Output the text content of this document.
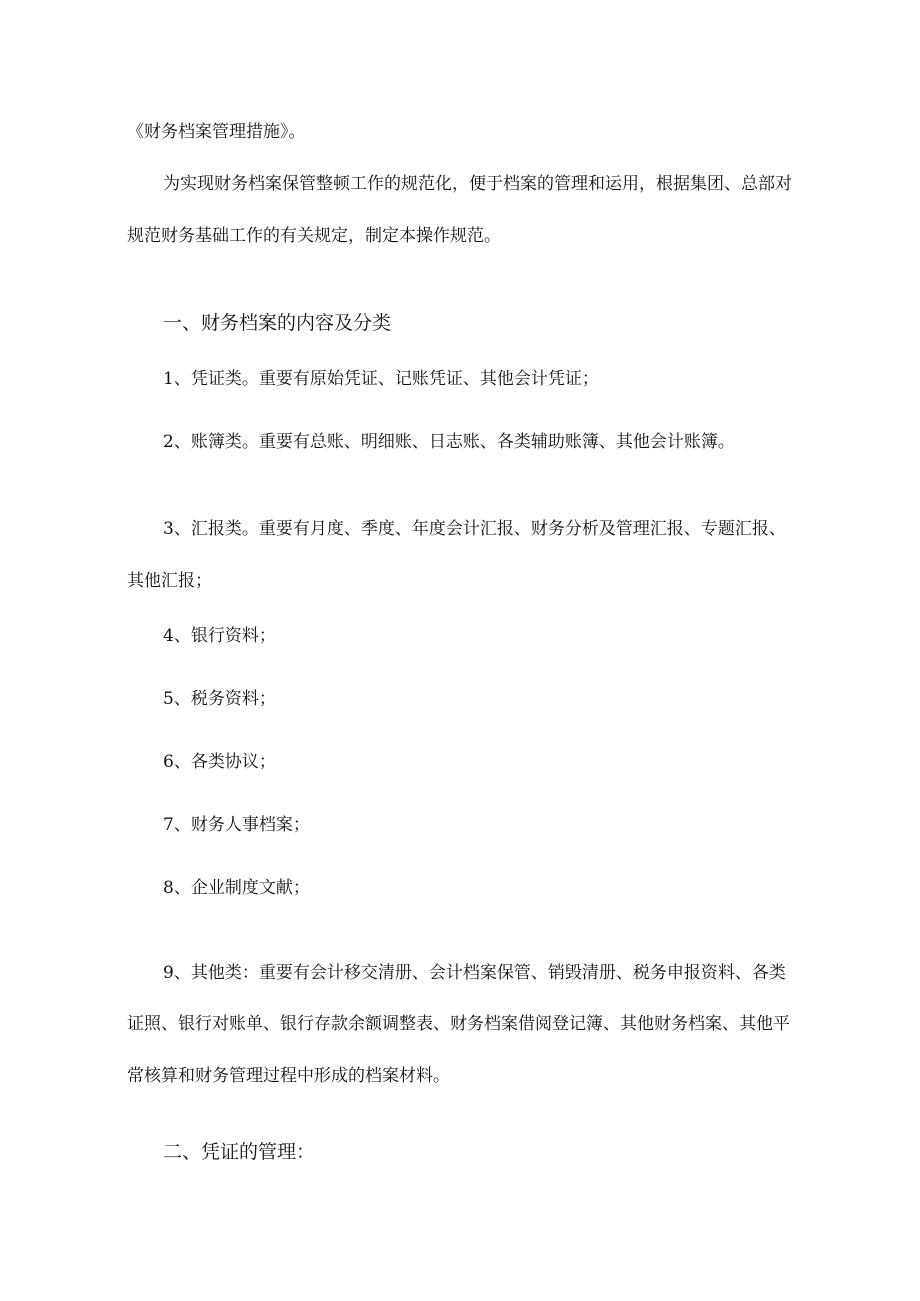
《财务档案管理措施》。
为实现财务档案保管整顿工作的规范化，便于档案的管理和运用，根据集团、总部对
规范财务基础工作的有关规定，制定本操作规范。
一、财务档案的内容及分类
1、凭证类。重要有原始凭证、记账凭证、其他会计凭证；
2、账簿类。重要有总账、明细账、日志账、各类辅助账簿、其他会计账簿。
3、汇报类。重要有月度、季度、年度会计汇报、财务分析及管理汇报、专题汇报、
其他汇报；
4、银行资料；
5、税务资料；
6、各类协议；
7、财务人事档案；
8、企业制度文献；
9、其他类：重要有会计移交清册、会计档案保管、销毁清册、税务申报资料、各类
证照、银行对账单、银行存款余额调整表、财务档案借阅登记簿、其他财务档案、其他平
常核算和财务管理过程中形成的档案材料。
二、凭证的管理：
